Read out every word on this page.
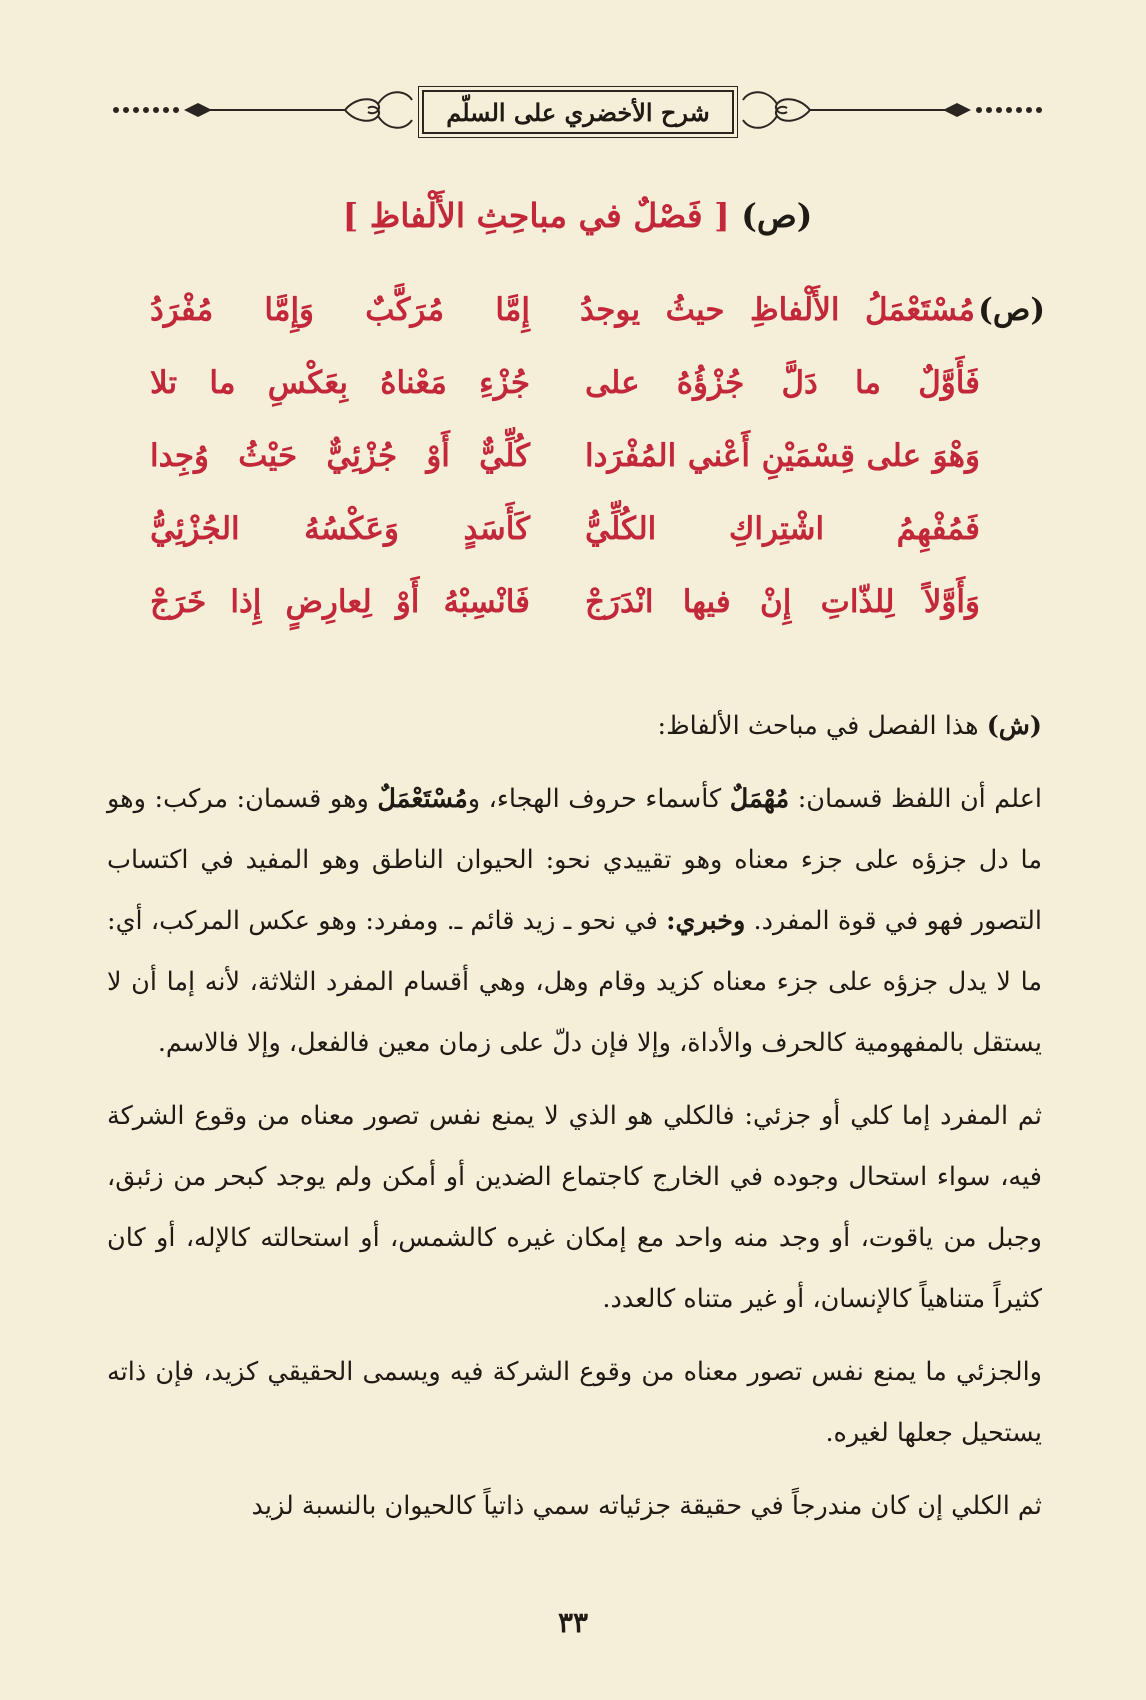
شرح الأخضري على السلّم
(ص) [ فَصْلٌ في مباحِثِ الأَلْفاظِ ]
(ص)
مُسْتَعْمَلُ الأَلْفاظِ حيثُ يوجدُ
إِمَّا مُرَكَّبٌ وَإِمَّا مُفْرَدُ
فَأَوَّلٌ ما دَلَّ جُزْؤُهُ على
جُزْءِ مَعْناهُ بِعَكْسِ ما تلا
وَهْوَ على قِسْمَيْنِ أَعْني المُفْرَدا
كُلِّيٌّ أَوْ جُزْئِيٌّ حَيْثُ وُجِدا
فَمُفْهِمُ اشْتِراكِ الكُلِّيُّ
كَأَسَدٍ وَعَكْسُهُ الجُزْئِيُّ
وَأَوَّلاً لِلذّاتِ إِنْ فيها انْدَرَجْ
فَانْسِبْهُ أَوْ لِعارِضٍ إِذا خَرَجْ

(ش) هذا الفصل في مباحث الألفاظ:

اعلم أن اللفظ قسمان: مُهْمَلٌ كأسماء حروف الهجاء، ومُسْتَعْمَلٌ وهو قسمان: مركب: وهو ما دل جزؤه على جزء معناه وهو تقييدي نحو: الحيوان الناطق وهو المفيد في اكتساب التصور فهو في قوة المفرد. وخبري: في نحو ـ زيد قائم ـ. ومفرد: وهو عكس المركب، أي: ما لا يدل جزؤه على جزء معناه كزيد وقام وهل، وهي أقسام المفرد الثلاثة، لأنه إما أن لا يستقل بالمفهومية كالحرف والأداة، وإلا فإن دلّ على زمان معين فالفعل، وإلا فالاسم.

ثم المفرد إما كلي أو جزئي: فالكلي هو الذي لا يمنع نفس تصور معناه من وقوع الشركة فيه، سواء استحال وجوده في الخارج كاجتماع الضدين أو أمكن ولم يوجد كبحر من زئبق، وجبل من ياقوت، أو وجد منه واحد مع إمكان غيره كالشمس، أو استحالته كالإله، أو كان كثيراً متناهياً كالإنسان، أو غير متناه كالعدد.

والجزئي ما يمنع نفس تصور معناه من وقوع الشركة فيه ويسمى الحقيقي كزيد، فإن ذاته يستحيل جعلها لغيره.

ثم الكلي إن كان مندرجاً في حقيقة جزئياته سمي ذاتياً كالحيوان بالنسبة لزيد

٣٣
